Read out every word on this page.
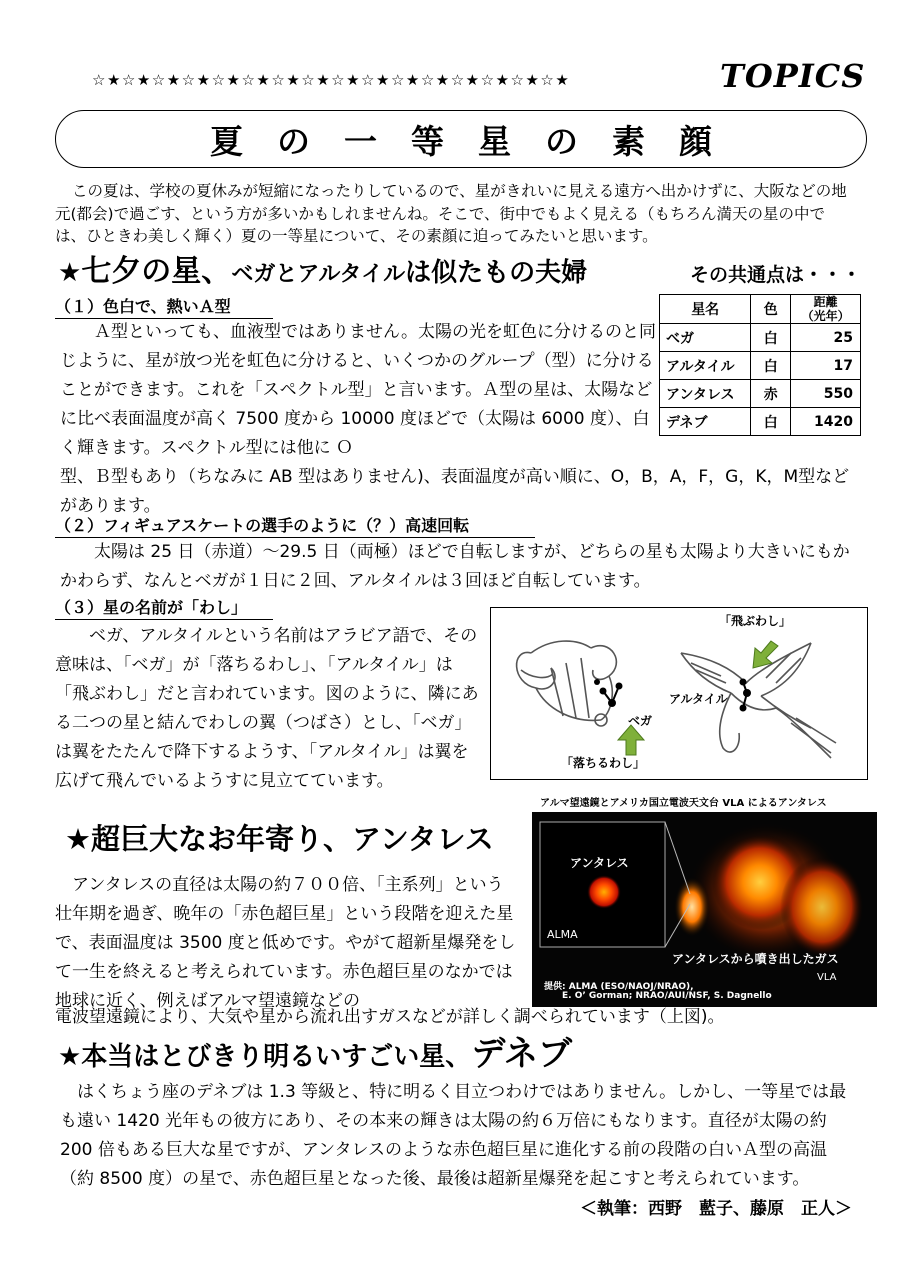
☆★☆★☆★☆★☆★☆★☆★☆★☆★☆★☆★☆★☆★☆★☆★☆★	TOPICS
夏の一等星の素顔
この夏は、学校の夏休みが短縮になったりしているので、星がきれいに見える遠方へ出かけずに、大阪などの地元(都会)で過ごす、という方が多いかもしれませんね。そこで、街中でもよく見える（もちろん満天の星の中では、ひときわ美しく輝く）夏の一等星について、その素顔に迫ってみたいと思います。
★七夕の星、ベガとアルタイルは似たもの夫婦	その共通点は・・・
（１）色白で、熱いＡ型
Ａ型といっても、血液型ではありません。太陽の光を虹色に分けるのと同じように、星が放つ光を虹色に分けると、いくつかのグループ（型）に分けることができます。これを「スペクトル型」と言います。Ａ型の星は、太陽などに比べ表面温度が高く 7500 度から 10000 度ほどで（太陽は 6000 度）、白く輝きます。スペクトル型には他に Ｏ
型、Ｂ型もあり（ちなみに AB 型はありません)、表面温度が高い順に、O，B，A，F，G，K，M型などがあります。
星名	色	距離
（光年）
ベガ	白	25
アルタイル	白	17
アンタレス	赤	550
デネブ	白	1420
（２）フィギュアスケートの選手のように（？）高速回転
太陽は 25 日（赤道）～29.5 日（両極）ほどで自転しますが、どちらの星も太陽より大きいにもかかわらず、なんとベガが１日に２回、アルタイルは３回ほど自転しています。
（３）星の名前が「わし」
ベガ、アルタイルという名前はアラビア語で、その意味は、「ベガ」が「落ちるわし」、「アルタイル」は「飛ぶわし」だと言われています。図のように、隣にある二つの星と結んでわしの翼（つばさ）とし、「ベガ」は翼をたたんで降下するようす、「アルタイル」は翼を広げて飛んでいるようすに見立てています。
「飛ぶわし」
アルタイル
ベガ
「落ちるわし」
★超巨大なお年寄り、アンタレス
アンタレスの直径は太陽の約７００倍、「主系列」という壮年期を過ぎ、晩年の「赤色超巨星」という段階を迎えた星で、表面温度は 3500 度と低めです。やがて超新星爆発をして一生を終えると考えられています。赤色超巨星のなかでは地球に近く、例えばアルマ望遠鏡などの
電波望遠鏡により、大気や星から流れ出すガスなどが詳しく調べられています（上図)。
アルマ望遠鏡とアメリカ国立電波天文台 VLA によるアンタレス
アンタレス
ALMA
アンタレスから噴き出したガス
VLA
提供: ALMA (ESO/NAOJ/NRAO),
E. O’ Gorman; NRAO/AUI/NSF, S. Dagnello
★本当はとびきり明るいすごい星、デネブ
はくちょう座のデネブは 1.3 等級と、特に明るく目立つわけではありません。しかし、一等星では最も遠い 1420 光年もの彼方にあり、その本来の輝きは太陽の約６万倍にもなります。直径が太陽の約 200 倍もある巨大な星ですが、アンタレスのような赤色超巨星に進化する前の段階の白いＡ型の高温（約 8500 度）の星で、赤色超巨星となった後、最後は超新星爆発を起こすと考えられています。
＜執筆：西野　藍子、藤原　正人＞
